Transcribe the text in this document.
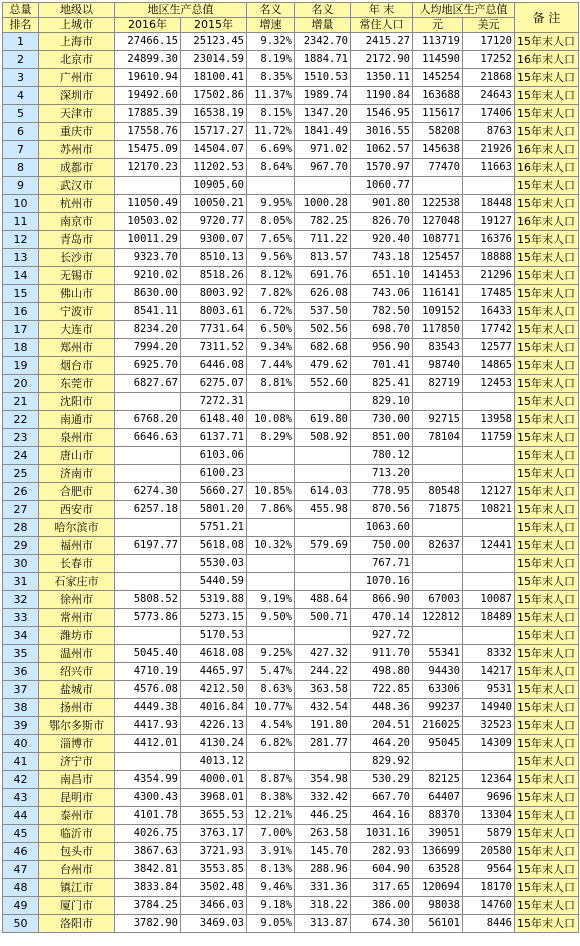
总量	地级以	地区生产总值		名义	名义	年 末	人均地区生产总值		备 注
排名	上城市	2016年	2015年	增速	增量	常住人口	元	美元	
1	上海市	27466.15	25123.45	9.32%	2342.70	2415.27	113719	17120	15年末人口
2	北京市	24899.30	23014.59	8.19%	1884.71	2172.90	114590	17252	16年末人口
3	广州市	19610.94	18100.41	8.35%	1510.53	1350.11	145254	21868	15年末人口
4	深圳市	19492.60	17502.86	11.37%	1989.74	1190.84	163688	24643	15年末人口
5	天津市	17885.39	16538.19	8.15%	1347.20	1546.95	115617	17406	15年末人口
6	重庆市	17558.76	15717.27	11.72%	1841.49	3016.55	58208	8763	15年末人口
7	苏州市	15475.09	14504.07	6.69%	971.02	1062.57	145638	21926	16年末人口
8	成都市	12170.23	11202.53	8.64%	967.70	1570.97	77470	11663	16年末人口
9	武汉市		10905.60			1060.77			15年末人口
10	杭州市	11050.49	10050.21	9.95%	1000.28	901.80	122538	18448	15年末人口
11	南京市	10503.02	9720.77	8.05%	782.25	826.70	127048	19127	16年末人口
12	青岛市	10011.29	9300.07	7.65%	711.22	920.40	108771	16376	15年末人口
13	长沙市	9323.70	8510.13	9.56%	813.57	743.18	125457	18888	15年末人口
14	无锡市	9210.02	8518.26	8.12%	691.76	651.10	141453	21296	15年末人口
15	佛山市	8630.00	8003.92	7.82%	626.08	743.06	116141	17485	15年末人口
16	宁波市	8541.11	8003.61	6.72%	537.50	782.50	109152	16433	15年末人口
17	大连市	8234.20	7731.64	6.50%	502.56	698.70	117850	17742	15年末人口
18	郑州市	7994.20	7311.52	9.34%	682.68	956.90	83543	12577	15年末人口
19	烟台市	6925.70	6446.08	7.44%	479.62	701.41	98740	14865	15年末人口
20	东莞市	6827.67	6275.07	8.81%	552.60	825.41	82719	12453	15年末人口
21	沈阳市		7272.31			829.10			15年末人口
22	南通市	6768.20	6148.40	10.08%	619.80	730.00	92715	13958	15年末人口
23	泉州市	6646.63	6137.71	8.29%	508.92	851.00	78104	11759	15年末人口
24	唐山市		6103.06			780.12			15年末人口
25	济南市		6100.23			713.20			15年末人口
26	合肥市	6274.30	5660.27	10.85%	614.03	778.95	80548	12127	15年末人口
27	西安市	6257.18	5801.20	7.86%	455.98	870.56	71875	10821	15年末人口
28	哈尔滨市		5751.21			1063.60			15年末人口
29	福州市	6197.77	5618.08	10.32%	579.69	750.00	82637	12441	15年末人口
30	长春市		5530.03			767.71			15年末人口
31	石家庄市		5440.59			1070.16			15年末人口
32	徐州市	5808.52	5319.88	9.19%	488.64	866.90	67003	10087	15年末人口
33	常州市	5773.86	5273.15	9.50%	500.71	470.14	122812	18489	15年末人口
34	潍坊市		5170.53			927.72			15年末人口
35	温州市	5045.40	4618.08	9.25%	427.32	911.70	55341	8332	15年末人口
36	绍兴市	4710.19	4465.97	5.47%	244.22	498.80	94430	14217	15年末人口
37	盐城市	4576.08	4212.50	8.63%	363.58	722.85	63306	9531	15年末人口
38	扬州市	4449.38	4016.84	10.77%	432.54	448.36	99237	14940	15年末人口
39	鄂尔多斯市	4417.93	4226.13	4.54%	191.80	204.51	216025	32523	15年末人口
40	淄博市	4412.01	4130.24	6.82%	281.77	464.20	95045	14309	15年末人口
41	济宁市		4013.12			829.92			15年末人口
42	南昌市	4354.99	4000.01	8.87%	354.98	530.29	82125	12364	15年末人口
43	昆明市	4300.43	3968.01	8.38%	332.42	667.70	64407	9696	15年末人口
44	泰州市	4101.78	3655.53	12.21%	446.25	464.16	88370	13304	15年末人口
45	临沂市	4026.75	3763.17	7.00%	263.58	1031.16	39051	5879	15年末人口
46	包头市	3867.63	3721.93	3.91%	145.70	282.93	136699	20580	15年末人口
47	台州市	3842.81	3553.85	8.13%	288.96	604.90	63528	9564	15年末人口
48	镇江市	3833.84	3502.48	9.46%	331.36	317.65	120694	18170	15年末人口
49	厦门市	3784.25	3466.03	9.18%	318.22	386.00	98038	14760	15年末人口
50	洛阳市	3782.90	3469.03	9.05%	313.87	674.30	56101	8446	15年末人口
